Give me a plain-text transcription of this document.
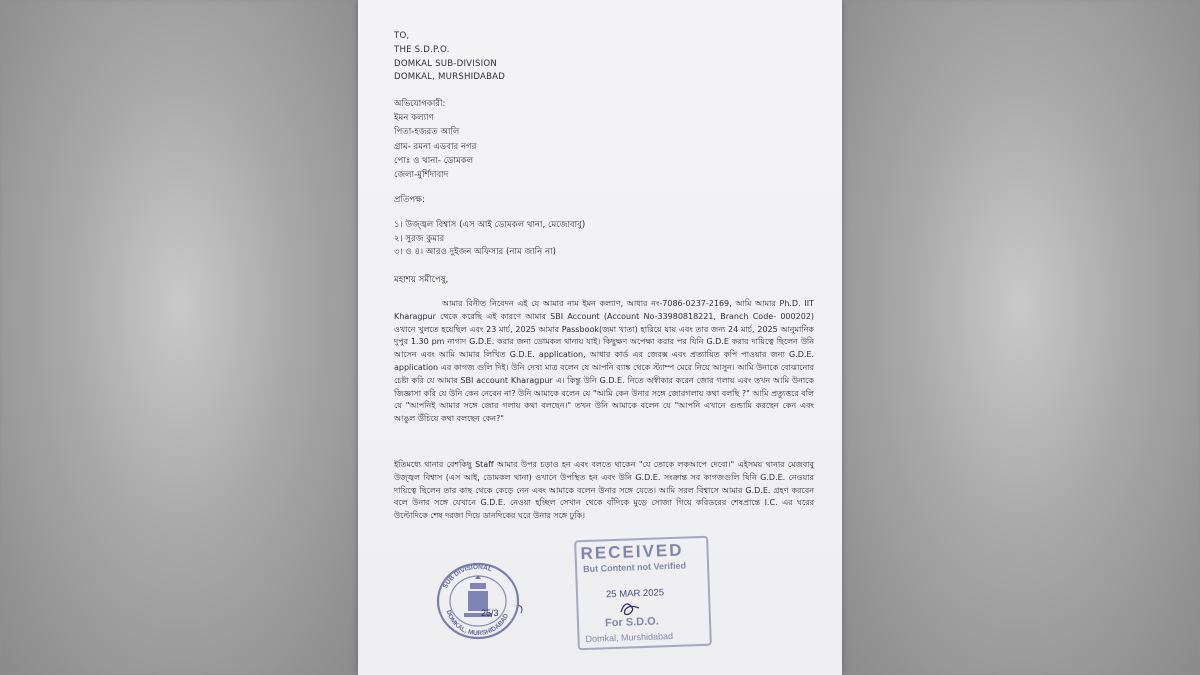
TO,
THE S.D.P.O.
DOMKAL SUB-DIVISION
DOMKAL, MURSHIDABAD
অভিযোগকারী:
ইমন কল্যাণ
পিতা-হজরত আলি
গ্রাম- রমনা এডবার নগর
পোঃ ও থানা- ডোমকল
জেলা-মুর্শিদাবাদ
প্রতিপক্ষ:
১। উজ্জ্বল বিশ্বাস (এস আই ডোমকল থানা, মেজোবাবু)
২। সুরজ কুমার
৩। ও ৪। আরও দুইজন অফিসার (নাম জানি না)
মহাশয় সমীপেষু,
আমার বিনীত নিবেদন এই যে আমার নাম ইমন কল্যাণ, আধার নং-7086-0237-2169, আমি আমার Ph.D. IIT Kharagpur থেকে করেছি এই কারণে আমার SBI Account (Account No-33980818221, Branch Code- 000202) ওখানে খুলতে হয়েছিল এবং 23 মার্চ, 2025 আমার Passbook(জমা খাতা) হারিয়ে যায় এবং তার জন্য 24 মার্চ, 2025 আনুমানিক দুপুর 1.30 pm নাগাদ G.D.E. করার জন্য ডোমকল থানায় যাই। কিছুক্ষণ অপেক্ষা করার পর যিনি G.D.E করার দায়িত্বে ছিলেন উনি আসেন এবং আমি আমার লিখিত G.D.E. application, আধার কার্ড এর জেরক্স এবং প্রত্যায়িত কপি পাওয়ার জন্য G.D.E. application এর কাগজ গুলি দিই। উনি দেখা মাত্র বলেন যে আপনি ব্যাঙ্ক থেকে স্ট্যাম্প মেরে নিয়ে আসুন। আমি উনাকে বোঝানোর চেষ্টা করি যে আমার SBI account Kharagpur এ। কিন্তু উনি G.D.E. নিতে অস্বীকার করেন জোর গলায় এবং তখন আমি উনাকে জিজ্ঞাসা করি যে উনি কেন নেবেন না? উনি আমাকে বলেন যে "আমি কেন উনার সঙ্গে জোরগলায় কথা বলছি ?" আমি প্রত্যুত্তরে বলি যে "আপনিই আমার সঙ্গে জোর গলায় কথা বলছেন।" তখন উনি আমাকে বলেন যে "আপনি এখানে গুন্ডামি করছেন কেন এবং আঙুল উঁচিয়ে কথা বলছেন কেন?"
ইতিমধ্যে থানার বেশকিছু Staff আমার উপর চড়াও হন এবং বলতে থাকেন "যে তোকে লকআপে দেবো।" এইসময় থানার মেজবাবু উজ্জ্বল বিশ্বাস (এস আই, ডোমকল থানা) ওখানে উপস্থিত হন এবং উনি G.D.E. সংক্রান্ত সব কাগজগুলি যিনি G.D.E. নেওয়ার দায়িত্বে ছিলেন তার কাছ থেকে কেড়ে নেন এবং আমাকে বলেন উনার সঙ্গে যেতে। আমি সরল বিশ্বাসে আমার G.D.E. গ্রহণ করবেন বলে উনার সঙ্গে যেখানে G.D.E. নেওয়া হচ্ছিল সেখান থেকে বাঁদিকে মুড়ে সোজা গিয়ে করিডরের শেষপ্রান্তে I.C. এর ঘরের উল্টোদিকে শেষ দরজা দিয়ে ডানদিকের ঘরে উনার সঙ্গে ঢুকি।
SUB DIVISIONAL
DOMKAL, MURSHIDABAD
25/3
RECEIVED
But Content not Verified
25 MAR 2025
For S.D.O.
Domkal, Murshidabad
